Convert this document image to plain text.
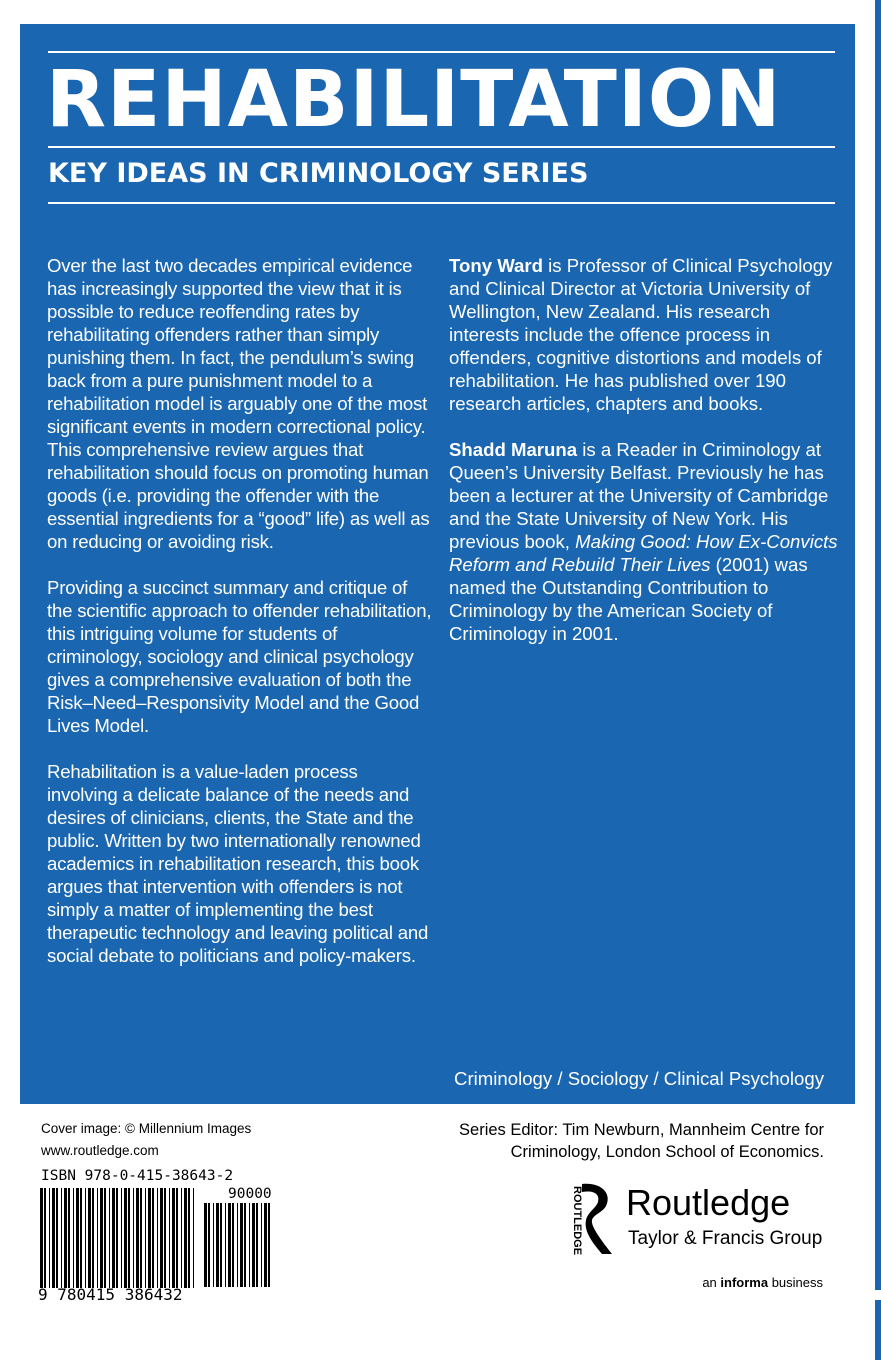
REHABILITATION
KEY IDEAS IN CRIMINOLOGY SERIES

Over the last two decades empirical evidence has increasingly supported the view that it is possible to reduce reoffending rates by rehabilitating offenders rather than simply punishing them. In fact, the pendulum’s swing back from a pure punishment model to a rehabilitation model is arguably one of the most significant events in modern correctional policy. This comprehensive review argues that rehabilitation should focus on promoting human goods (i.e. providing the offender with the essential ingredients for a “good” life) as well as on reducing or avoiding risk.

Providing a succinct summary and critique of the scientific approach to offender rehabilitation, this intriguing volume for students of criminology, sociology and clinical psychology gives a comprehensive evaluation of both the Risk–Need–Responsivity Model and the Good Lives Model.

Rehabilitation is a value-laden process involving a delicate balance of the needs and desires of clinicians, clients, the State and the public. Written by two internationally renowned academics in rehabilitation research, this book argues that intervention with offenders is not simply a matter of implementing the best therapeutic technology and leaving political and social debate to politicians and policy-makers.

Tony Ward is Professor of Clinical Psychology and Clinical Director at Victoria University of Wellington, New Zealand. His research interests include the offence process in offenders, cognitive distortions and models of rehabilitation. He has published over 190 research articles, chapters and books.

Shadd Maruna is a Reader in Criminology at Queen’s University Belfast. Previously he has been a lecturer at the University of Cambridge and the State University of New York. His previous book, Making Good: How Ex-Convicts Reform and Rebuild Their Lives (2001) was named the Outstanding Contribution to Criminology by the American Society of Criminology in 2001.

Criminology / Sociology / Clinical Psychology
Cover image: © Millennium Images
www.routledge.com
Series Editor: Tim Newburn, Mannheim Centre for
Criminology, London School of Economics.
ISBN 978-0-415-38643-2
90000
9 780415 386432
ROUTLEDGE Routledge
Taylor & Francis Group
an informa business
